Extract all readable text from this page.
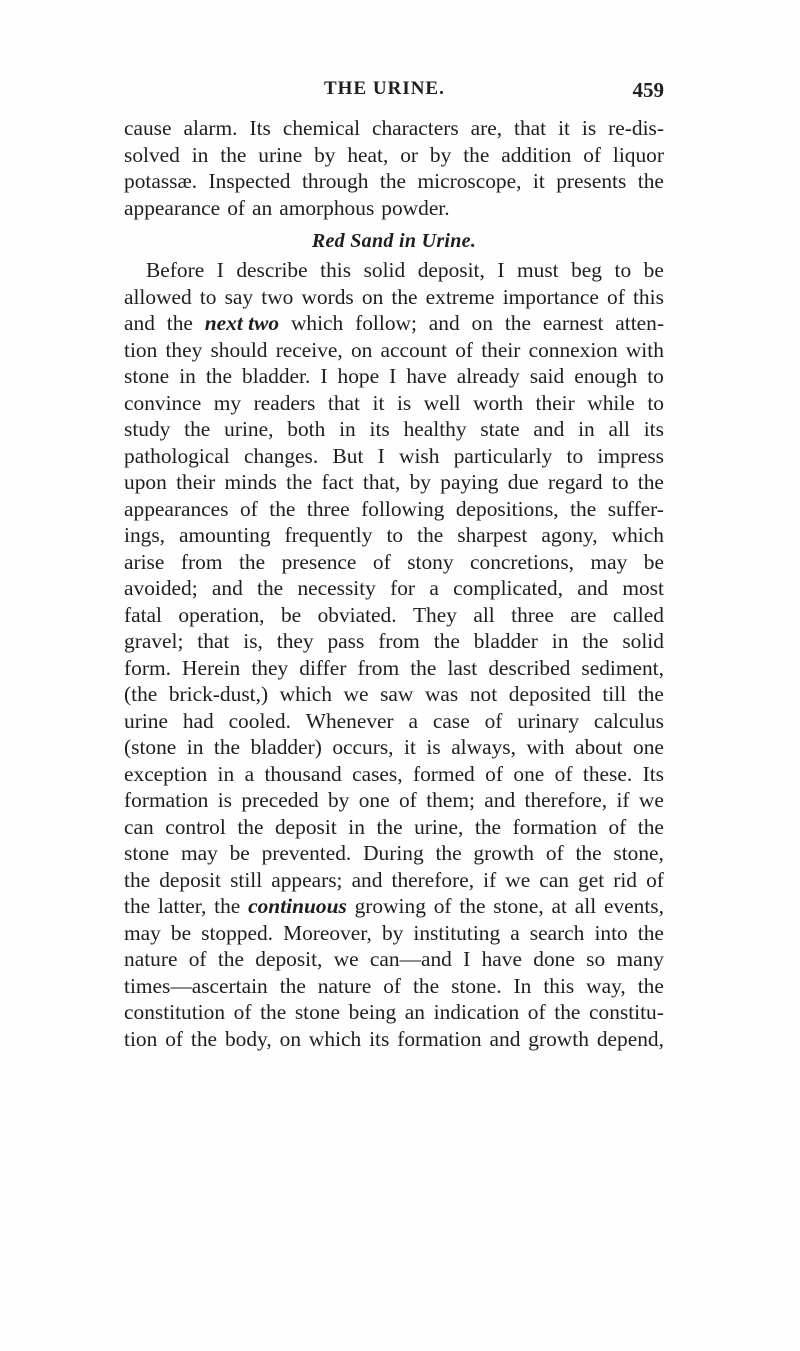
THE URINE.	459
cause alarm. Its chemical characters are, that it is re-dis-
solved in the urine by heat, or by the addition of liquor
potassæ. Inspected through the microscope, it presents the
appearance of an amorphous powder.
Red Sand in Urine.
Before I describe this solid deposit, I must beg to be
allowed to say two words on the extreme importance of this
and the next two which follow; and on the earnest atten-
tion they should receive, on account of their connexion with
stone in the bladder. I hope I have already said enough to
convince my readers that it is well worth their while to
study the urine, both in its healthy state and in all its
pathological changes. But I wish particularly to impress
upon their minds the fact that, by paying due regard to the
appearances of the three following depositions, the suffer-
ings, amounting frequently to the sharpest agony, which
arise from the presence of stony concretions, may be
avoided; and the necessity for a complicated, and most
fatal operation, be obviated. They all three are called
gravel; that is, they pass from the bladder in the solid
form. Herein they differ from the last described sediment,
(the brick-dust,) which we saw was not deposited till the
urine had cooled. Whenever a case of urinary calculus
(stone in the bladder) occurs, it is always, with about one
exception in a thousand cases, formed of one of these. Its
formation is preceded by one of them; and therefore, if we
can control the deposit in the urine, the formation of the
stone may be prevented. During the growth of the stone,
the deposit still appears; and therefore, if we can get rid of
the latter, the continuous growing of the stone, at all events,
may be stopped. Moreover, by instituting a search into the
nature of the deposit, we can—and I have done so many
times—ascertain the nature of the stone. In this way, the
constitution of the stone being an indication of the constitu-
tion of the body, on which its formation and growth depend,
